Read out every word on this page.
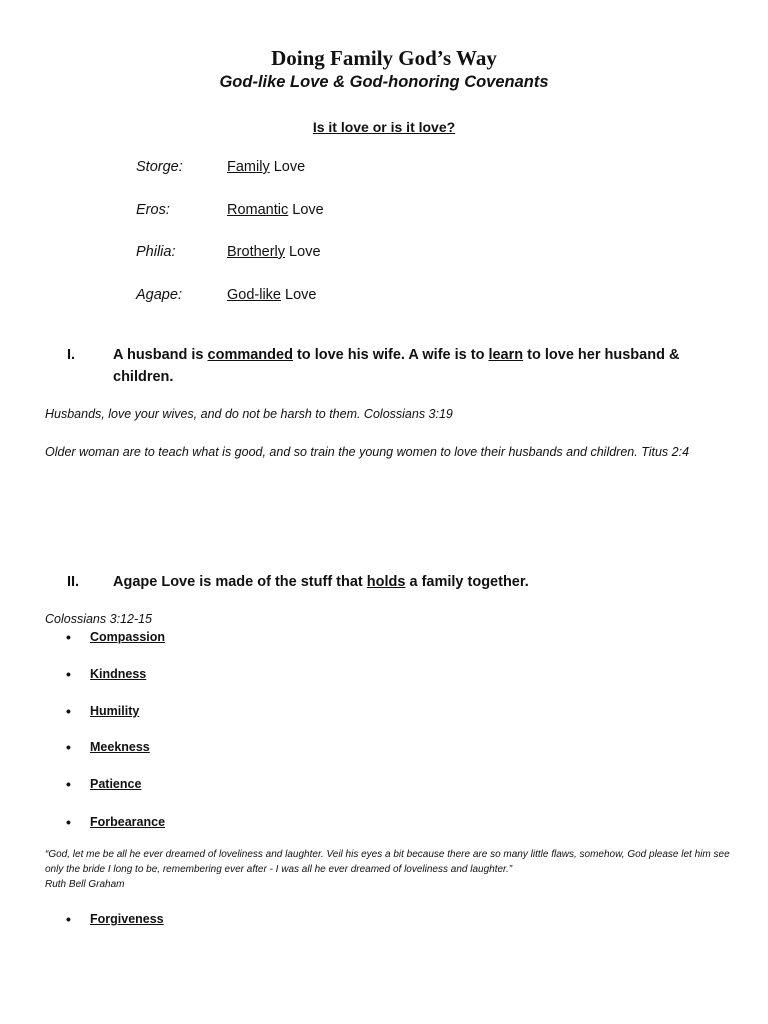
Doing Family God’s Way
God-like Love & God-honoring Covenants
Is it love or is it love?
Storge:	Family Love
Eros:	Romantic Love
Philia:	Brotherly Love
Agape:	God-like Love
I.	A husband is commanded to love his wife. A wife is to learn to love her husband & children.
Husbands, love your wives, and do not be harsh to them. Colossians 3:19
Older woman are to teach what is good, and so train the young women to love their husbands and children. Titus 2:4
II. Agape Love is made of the stuff that holds a family together.
Colossians 3:12-15
• Compassion
• Kindness
• Humility
• Meekness
• Patience
• Forbearance
“God, let me be all he ever dreamed of loveliness and laughter. Veil his eyes a bit because there are so many little flaws, somehow, God please let him see only the bride I long to be, remembering ever after - I was all he ever dreamed of loveliness and laughter.”
Ruth Bell Graham
• Forgiveness
